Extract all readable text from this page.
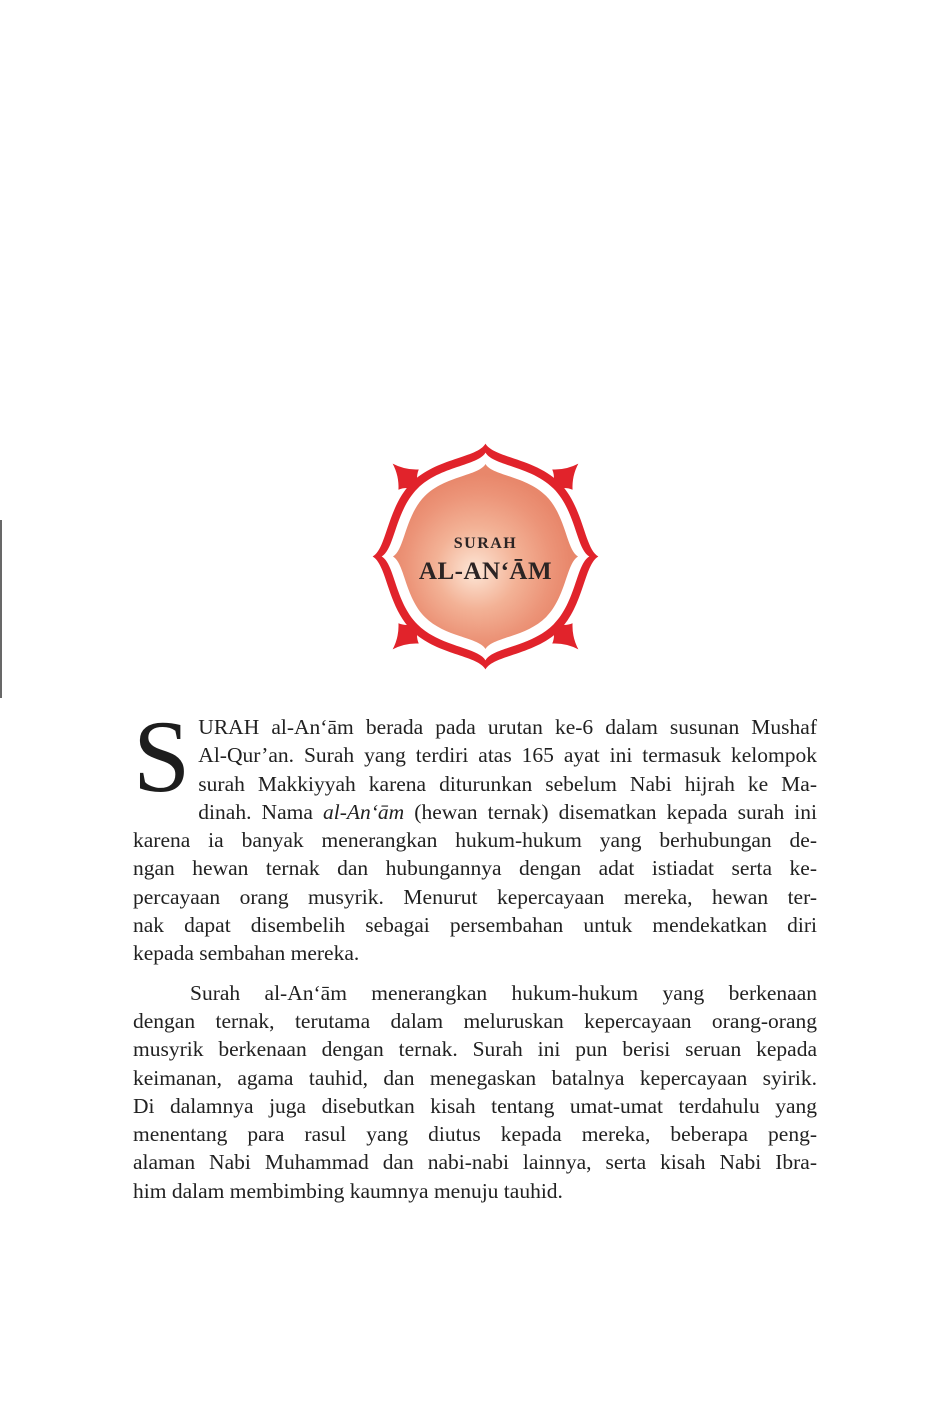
SURAH
AL-AN‘ĀM
S URAH al-An‘ām berada pada urutan ke-6 dalam susunan Mushaf
Al-Qur’an. Surah yang terdiri atas 165 ayat ini termasuk kelompok
surah Makkiyyah karena diturunkan sebelum Nabi hijrah ke Ma-
dinah. Nama al-An‘ām (hewan ternak) disematkan kepada surah ini
karena ia banyak menerangkan hukum-hukum yang berhubungan de-
ngan hewan ternak dan hubungannya dengan adat istiadat serta ke-
percayaan orang musyrik. Menurut kepercayaan mereka, hewan ter-
nak dapat disembelih sebagai persembahan untuk mendekatkan diri
kepada sembahan mereka.
Surah al-An‘ām menerangkan hukum-hukum yang berkenaan
dengan ternak, terutama dalam meluruskan kepercayaan orang-orang
musyrik berkenaan dengan ternak. Surah ini pun berisi seruan kepada
keimanan, agama tauhid, dan menegaskan batalnya kepercayaan syirik.
Di dalamnya juga disebutkan kisah tentang umat-umat terdahulu yang
menentang para rasul yang diutus kepada mereka, beberapa peng-
alaman Nabi Muhammad dan nabi-nabi lainnya, serta kisah Nabi Ibra-
him dalam membimbing kaumnya menuju tauhid.
